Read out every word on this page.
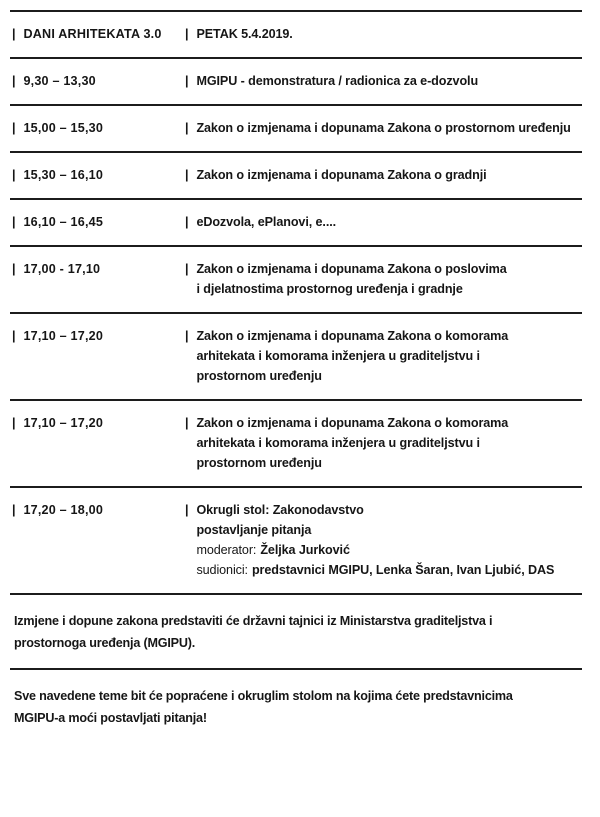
| DANI ARHITEKATA 3.0 | PETAK 5.4.2019.
| 9,30 – 13,30	| MGIPU - demonstratura / radionica za e-dozvolu
| 15,00 – 15,30	| Zakon o izmjenama i dopunama Zakona o prostornom uređenju
| 15,30 – 16,10	| Zakon o izmjenama i dopunama Zakona o gradnji
| 16,10 – 16,45	| eDozvola, ePlanovi, e....
| 17,00 - 17,10	| Zakon o izmjenama i dopunama Zakona o poslovima
i djelatnostima prostornog uređenja i gradnje
| 17,10 – 17,20	| Zakon o izmjenama i dopunama Zakona o komorama
arhitekata i komorama inženjera u graditeljstvu i
prostornom uređenju
| 17,10 – 17,20	| Zakon o izmjenama i dopunama Zakona o komorama
arhitekata i komorama inženjera u graditeljstvu i
prostornom uređenju
| 17,20 – 18,00	| Okrugli stol: Zakonodavstvo
postavljanje pitanja
moderator: Željka Jurković
sudionici: predstavnici MGIPU, Lenka Šaran, Ivan Ljubić, DAS
Izmjene i dopune zakona predstaviti će državni tajnici iz Ministarstva graditeljstva i
prostornoga uređenja (MGIPU).
Sve navedene teme bit će popraćene i okruglim stolom na kojima ćete predstavnicima
MGIPU-a moći postavljati pitanja!
